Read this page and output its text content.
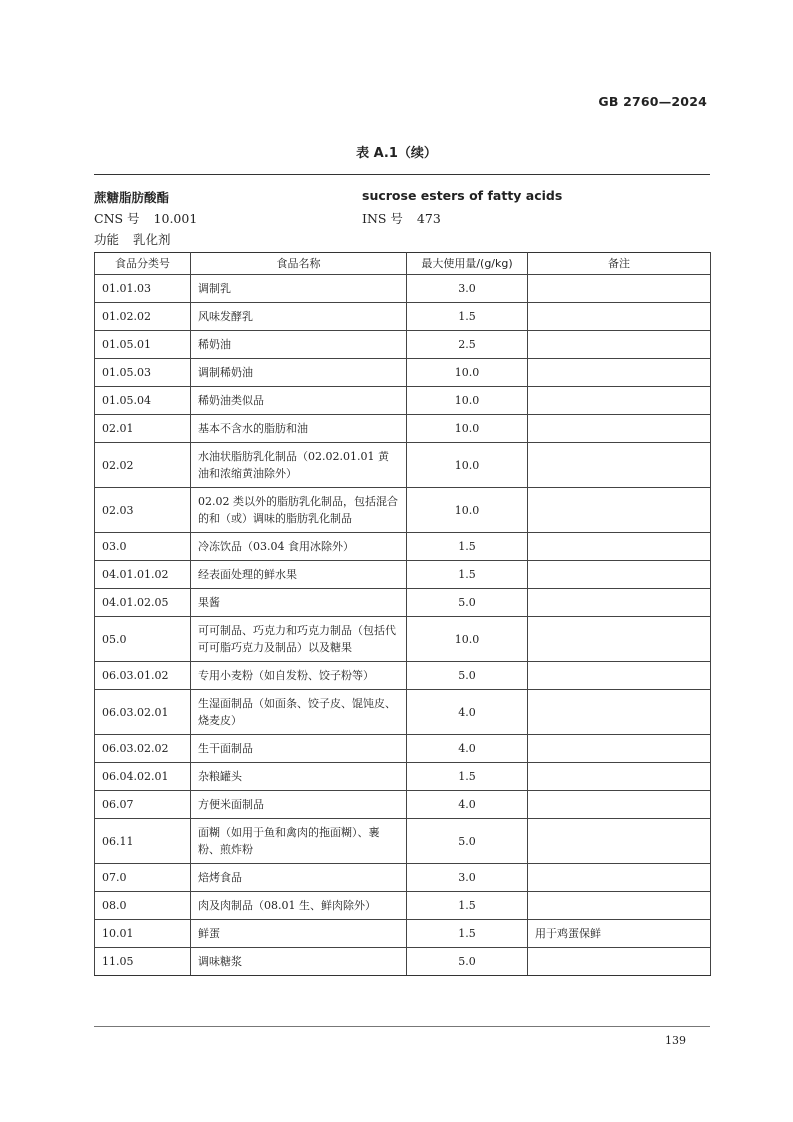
GB 2760—2024
表 A.1（续）
蔗糖脂肪酸酯	sucrose esters of fatty acids
CNS 号 10.001	INS 号 473
功能 乳化剂
食品分类号	食品名称	最大使用量/(g/kg)	备注
01.01.03	调制乳	3.0	
01.02.02	风味发酵乳	1.5	
01.05.01	稀奶油	2.5	
01.05.03	调制稀奶油	10.0	
01.05.04	稀奶油类似品	10.0	
02.01	基本不含水的脂肪和油	10.0	
02.02	水油状脂肪乳化制品（02.02.01.01 黄油和浓缩黄油除外）	10.0	
02.03	02.02 类以外的脂肪乳化制品，包括混合的和（或）调味的脂肪乳化制品	10.0	
03.0	冷冻饮品（03.04 食用冰除外）	1.5	
04.01.01.02	经表面处理的鲜水果	1.5	
04.01.02.05	果酱	5.0	
05.0	可可制品、巧克力和巧克力制品（包括代可可脂巧克力及制品）以及糖果	10.0	
06.03.01.02	专用小麦粉（如自发粉、饺子粉等）	5.0	
06.03.02.01	生湿面制品（如面条、饺子皮、馄饨皮、烧麦皮）	4.0	
06.03.02.02	生干面制品	4.0	
06.04.02.01	杂粮罐头	1.5	
06.07	方便米面制品	4.0	
06.11	面糊（如用于鱼和禽肉的拖面糊）、裹粉、煎炸粉	5.0	
07.0	焙烤食品	3.0	
08.0	肉及肉制品（08.01 生、鲜肉除外）	1.5	
10.01	鲜蛋	1.5	用于鸡蛋保鲜
11.05	调味糖浆	5.0	
139
